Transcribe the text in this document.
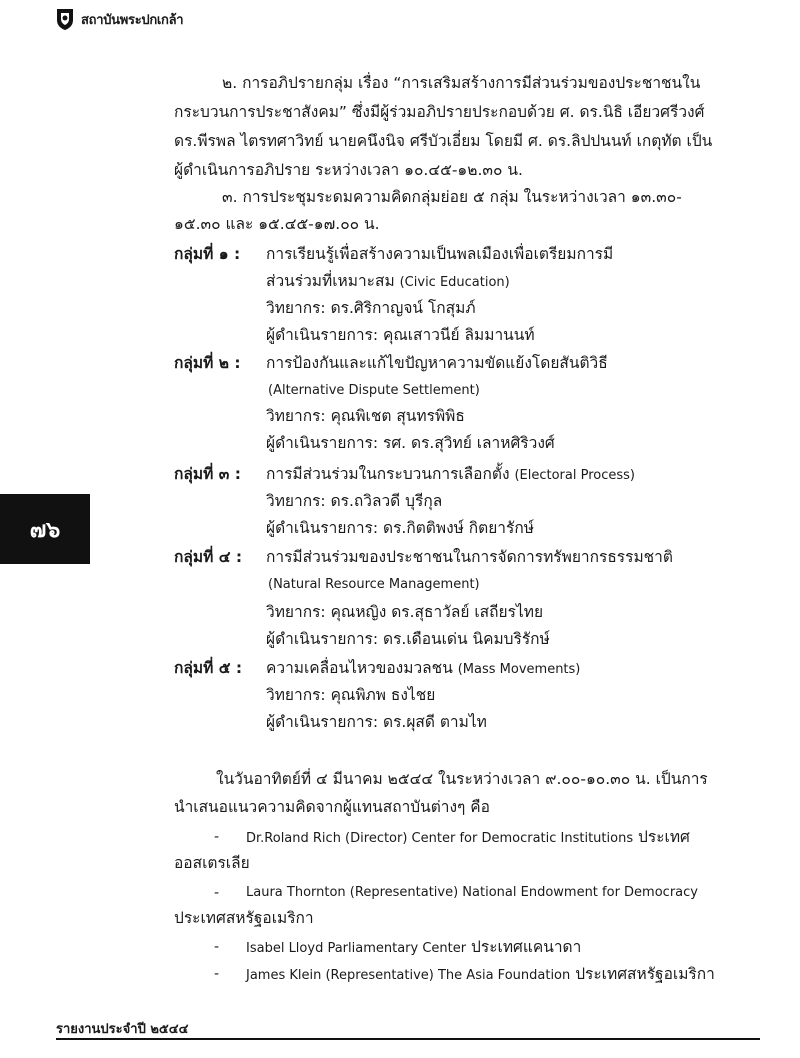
สถาบันพระปกเกล้า
๗๖
๒. การอภิปรายกลุ่ม เรื่อง “การเสริมสร้างการมีส่วนร่วมของประชาชนใน
กระบวนการประชาสังคม” ซึ่งมีผู้ร่วมอภิปรายประกอบด้วย ศ. ดร.นิธิ เอียวศรีวงศ์
ดร.พีรพล ไตรทศาวิทย์ นายคนึงนิจ ศรีบัวเอี่ยม โดยมี ศ. ดร.ลิปปนนท์ เกตุทัต เป็น
ผู้ดำเนินการอภิปราย ระหว่างเวลา ๑๐.๔๕-๑๒.๓๐ น.
๓. การประชุมระดมความคิดกลุ่มย่อย ๕ กลุ่ม ในระหว่างเวลา ๑๓.๓๐-
๑๕.๓๐ และ ๑๕.๔๕-๑๗.๐๐ น.
กลุ่มที่ ๑ : การเรียนรู้เพื่อสร้างความเป็นพลเมืองเพื่อเตรียมการมี
ส่วนร่วมที่เหมาะสม (Civic Education)
วิทยากร: ดร.ศิริกาญจน์ โกสุมภ์
ผู้ดำเนินรายการ: คุณเสาวนีย์ ลิมมานนท์
กลุ่มที่ ๒ : การป้องกันและแก้ไขปัญหาความขัดแย้งโดยสันติวิธี
(Alternative Dispute Settlement)
วิทยากร: คุณพิเชต สุนทรพิพิธ
ผู้ดำเนินรายการ: รศ. ดร.สุวิทย์ เลาหศิริวงศ์
กลุ่มที่ ๓ : การมีส่วนร่วมในกระบวนการเลือกตั้ง (Electoral Process)
วิทยากร: ดร.ถวิลวดี บุรีกุล
ผู้ดำเนินรายการ: ดร.กิตติพงษ์ กิตยารักษ์
กลุ่มที่ ๔ : การมีส่วนร่วมของประชาชนในการจัดการทรัพยากรธรรมชาติ
(Natural Resource Management)
วิทยากร: คุณหญิง ดร.สุธาวัลย์ เสถียรไทย
ผู้ดำเนินรายการ: ดร.เดือนเด่น นิคมบริรักษ์
กลุ่มที่ ๕ : ความเคลื่อนไหวของมวลชน (Mass Movements)
วิทยากร: คุณพิภพ ธงไชย
ผู้ดำเนินรายการ: ดร.ผุสดี ตามไท
ในวันอาทิตย์ที่ ๔ มีนาคม ๒๕๔๔ ในระหว่างเวลา ๙.๐๐-๑๐.๓๐ น. เป็นการ
นำเสนอแนวความคิดจากผู้แทนสถาบันต่างๆ คือ
- Dr.Roland Rich (Director) Center for Democratic Institutions ประเทศ
ออสเตรเลีย
- Laura Thornton (Representative) National Endowment for Democracy
ประเทศสหรัฐอเมริกา
- Isabel Lloyd Parliamentary Center ประเทศแคนาดา
- James Klein (Representative) The Asia Foundation ประเทศสหรัฐอเมริกา
รายงานประจำปี ๒๕๔๔
